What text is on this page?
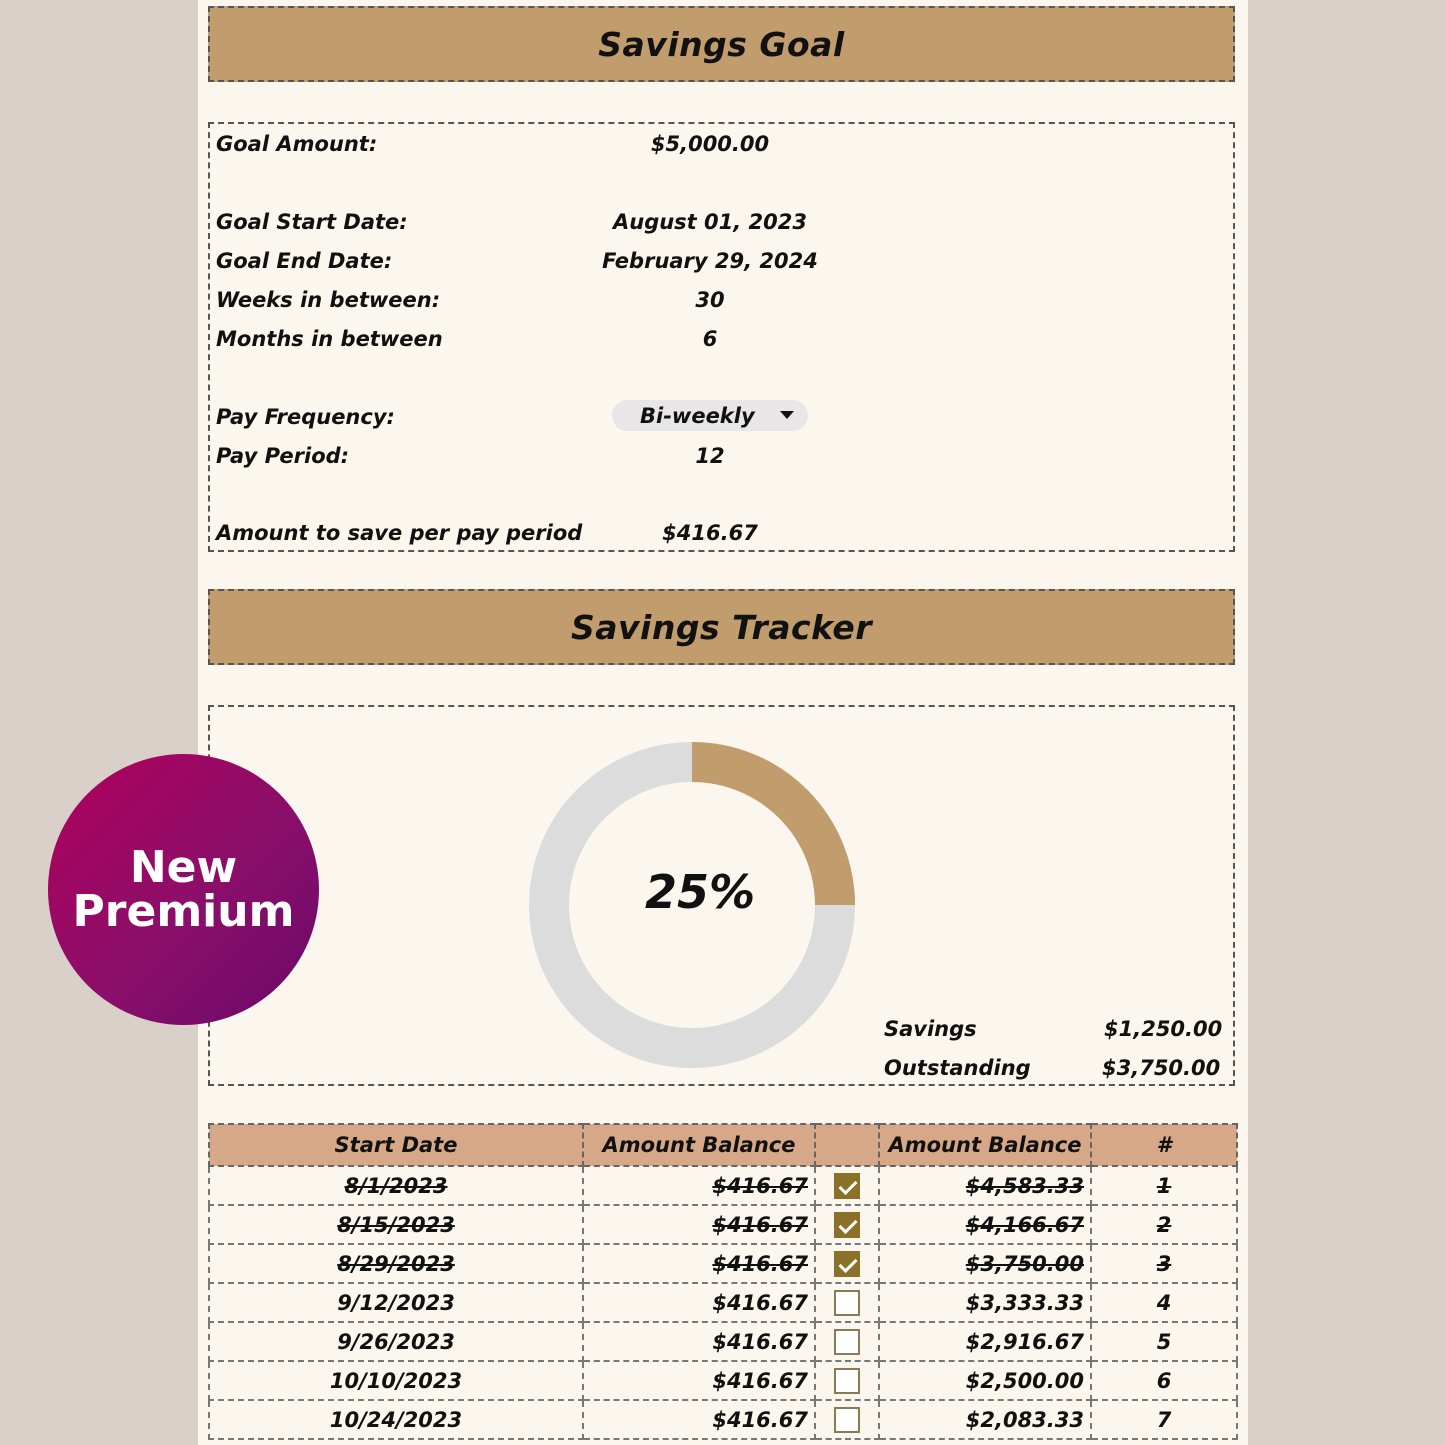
Savings Goal
Goal Amount:	$5,000.00
Goal Start Date:	August 01, 2023
Goal End Date:	February 29, 2024
Weeks in between:	30
Months in between	6
Pay Frequency:	Bi-weekly
Pay Period:	12
Amount to save per pay period	$416.67
Savings Tracker
25%
Savings	$1,250.00
Outstanding	$3,750.00
Start Date	Amount Balance		Amount Balance	#
8/1/2023	$416.67		$4,583.33	1
8/15/2023	$416.67		$4,166.67	2
8/29/2023	$416.67		$3,750.00	3
9/12/2023	$416.67		$3,333.33	4
9/26/2023	$416.67		$2,916.67	5
10/10/2023	$416.67		$2,500.00	6
10/24/2023	$416.67		$2,083.33	7
New
Premium
